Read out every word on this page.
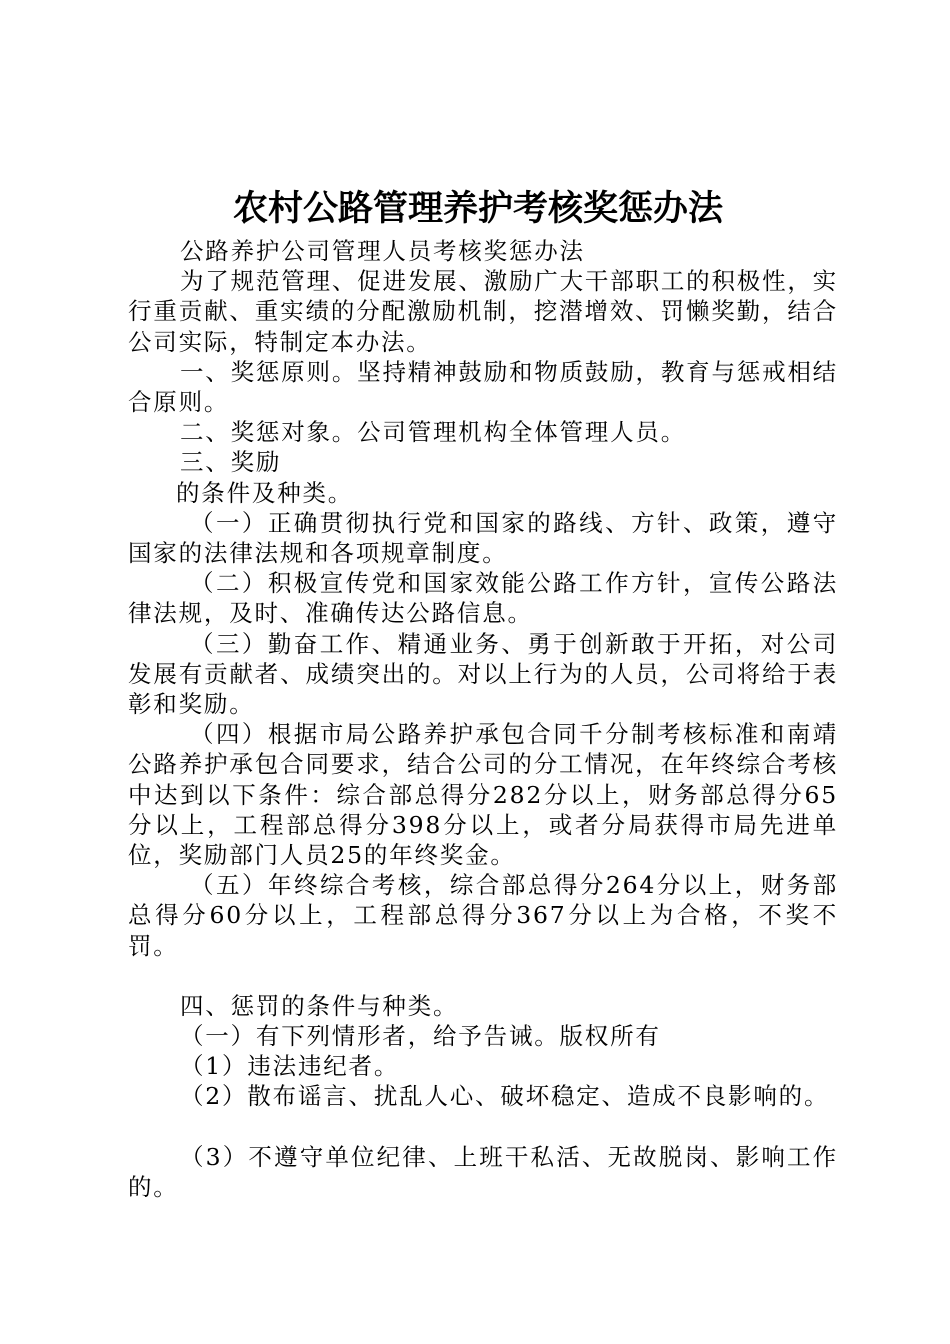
农村公路管理养护考核奖惩办法

公路养护公司管理人员考核奖惩办法

为了规范管理、促进发展、激励广大干部职工的积极性，实行重贡献、重实绩的分配激励机制，挖潜增效、罚懒奖勤，结合公司实际，特制定本办法。

一、奖惩原则。坚持精神鼓励和物质鼓励，教育与惩戒相结合原则。

二、奖惩对象。公司管理机构全体管理人员。

三、奖励

的条件及种类。

（一）正确贯彻执行党和国家的路线、方针、政策，遵守国家的法律法规和各项规章制度。

（二）积极宣传党和国家效能公路工作方针，宣传公路法律法规，及时、准确传达公路信息。

（三）勤奋工作、精通业务、勇于创新敢于开拓，对公司发展有贡献者、成绩突出的。对以上行为的人员，公司将给于表彰和奖励。

（四）根据市局公路养护承包合同千分制考核标准和南靖公路养护承包合同要求，结合公司的分工情况，在年终综合考核中达到以下条件：综合部总得分282分以上，财务部总得分65分以上，工程部总得分398分以上，或者分局获得市局先进单位，奖励部门人员25的年终奖金。

（五）年终综合考核，综合部总得分264分以上，财务部总得分60分以上，工程部总得分367分以上为合格，不奖不罚。

四、惩罚的条件与种类。

（一）有下列情形者，给予告诫。版权所有

（1）违法违纪者。

（2）散布谣言、扰乱人心、破坏稳定、造成不良影响的。

（3）不遵守单位纪律、上班干私活、无故脱岗、影响工作的。
